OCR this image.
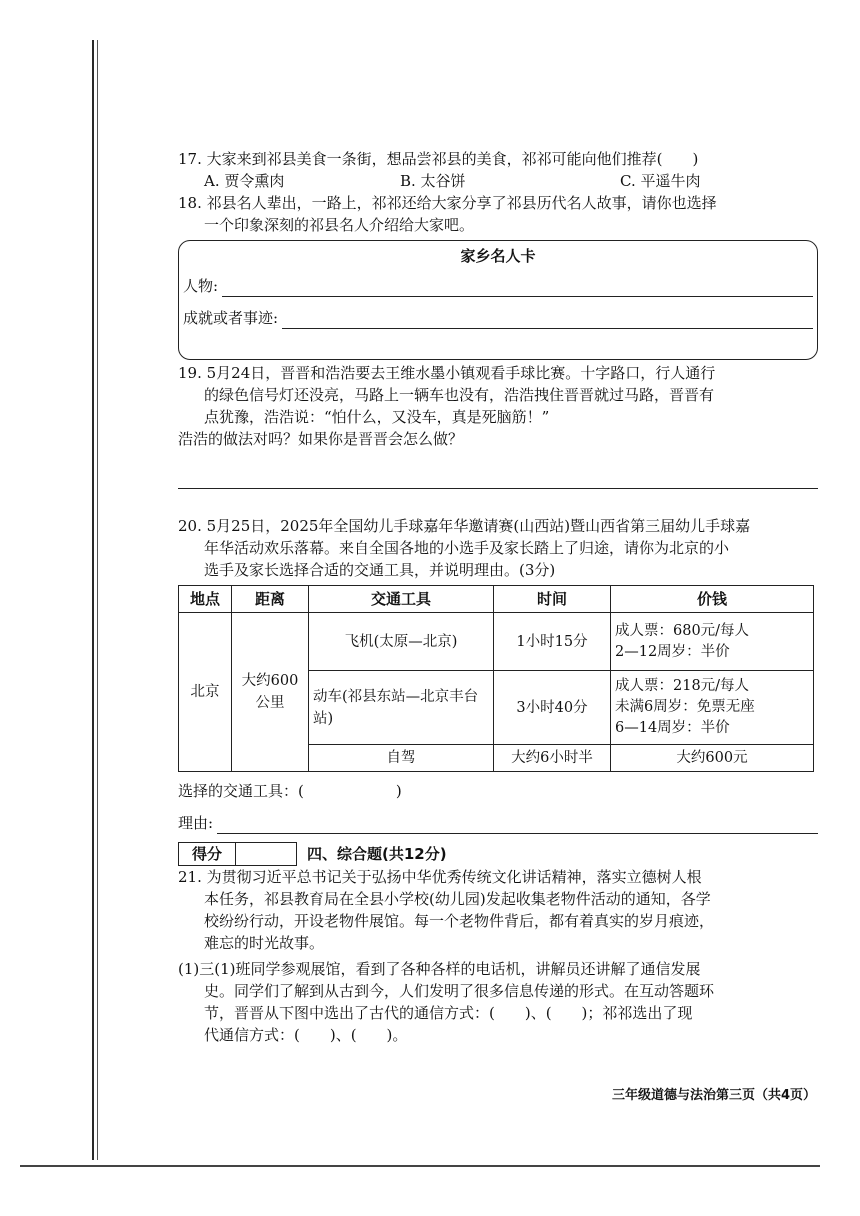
17. 大家来到祁县美食一条街，想品尝祁县的美食，祁祁可能向他们推荐(　　)

A. 贾令熏肉	B. 太谷饼	C. 平遥牛肉

18. 祁县名人辈出，一路上，祁祁还给大家分享了祁县历代名人故事，请你也选择

一个印象深刻的祁县名人介绍给大家吧。

家乡名人卡
人物:
成就或者事迹:

19. 5月24日，晋晋和浩浩要去王维水墨小镇观看手球比赛。十字路口，行人通行

的绿色信号灯还没亮，马路上一辆车也没有，浩浩拽住晋晋就过马路，晋晋有

点犹豫，浩浩说：“怕什么，又没车，真是死脑筋！”

浩浩的做法对吗？如果你是晋晋会怎么做？

20. 5月25日，2025年全国幼儿手球嘉年华邀请赛(山西站)暨山西省第三届幼儿手球嘉

年华活动欢乐落幕。来自全国各地的小选手及家长踏上了归途，请你为北京的小

选手及家长选择合适的交通工具，并说明理由。(3分)

地点	距离	交通工具	时间	价钱
北京	大约600公里	飞机(太原—北京)	1小时15分	成人票：680元/每人
2—12周岁：半价

		动车(祁县东站—北京丰台站)	3小时40分	成人票：218元/每人
未满6周岁：免票无座
6—14周岁：半价

		自驾	大约6小时半	大约600元
选择的交通工具：(	)
理由:
得分	四、综合题(共12分)

21. 为贯彻习近平总书记关于弘扬中华优秀传统文化讲话精神，落实立德树人根

本任务，祁县教育局在全县小学校(幼儿园)发起收集老物件活动的通知，各学

校纷纷行动，开设老物件展馆。每一个老物件背后，都有着真实的岁月痕迹，

难忘的时光故事。

(1)三(1)班同学参观展馆，看到了各种各样的电话机，讲解员还讲解了通信发展

史。同学们了解到从古到今，人们发明了很多信息传递的形式。在互动答题环

节，晋晋从下图中选出了古代的通信方式：(　　)、(　　)；祁祁选出了现

代通信方式：(　　)、(　　)。

三年级道德与法治第三页（共4页）
